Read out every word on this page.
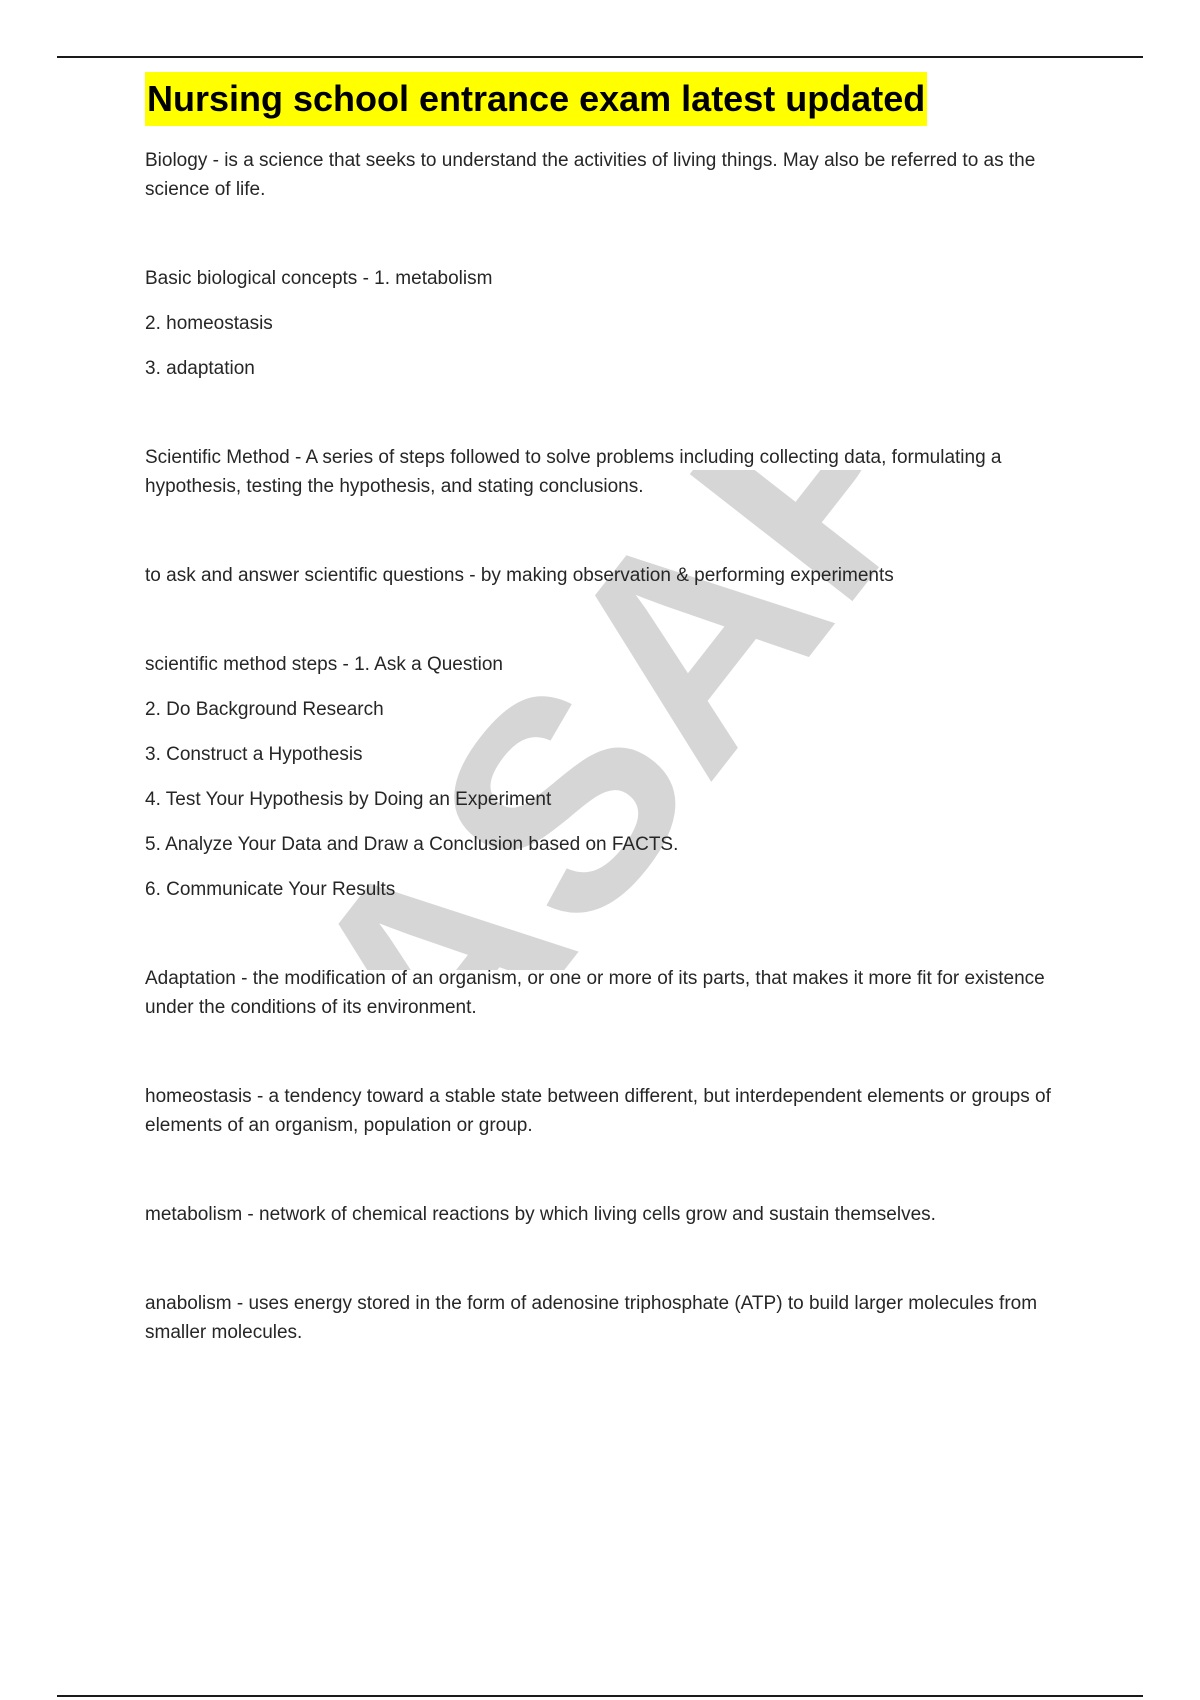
ASAP
Nursing school entrance exam latest updated

Biology - is a science that seeks to understand the activities of living things. May also be referred to as the science of life.

Basic biological concepts - 1. metabolism

2. homeostasis

3. adaptation

Scientific Method - A series of steps followed to solve problems including collecting data, formulating a hypothesis, testing the hypothesis, and stating conclusions.

to ask and answer scientific questions - by making observation & performing experiments

scientific method steps - 1. Ask a Question

2. Do Background Research

3. Construct a Hypothesis

4. Test Your Hypothesis by Doing an Experiment

5. Analyze Your Data and Draw a Conclusion based on FACTS.

6. Communicate Your Results

Adaptation - the modification of an organism, or one or more of its parts, that makes it more fit for existence under the conditions of its environment.

homeostasis - a tendency toward a stable state between different, but interdependent elements or groups of elements of an organism, population or group.

metabolism - network of chemical reactions by which living cells grow and sustain themselves.

anabolism - uses energy stored in the form of adenosine triphosphate (ATP) to build larger molecules from smaller molecules.
